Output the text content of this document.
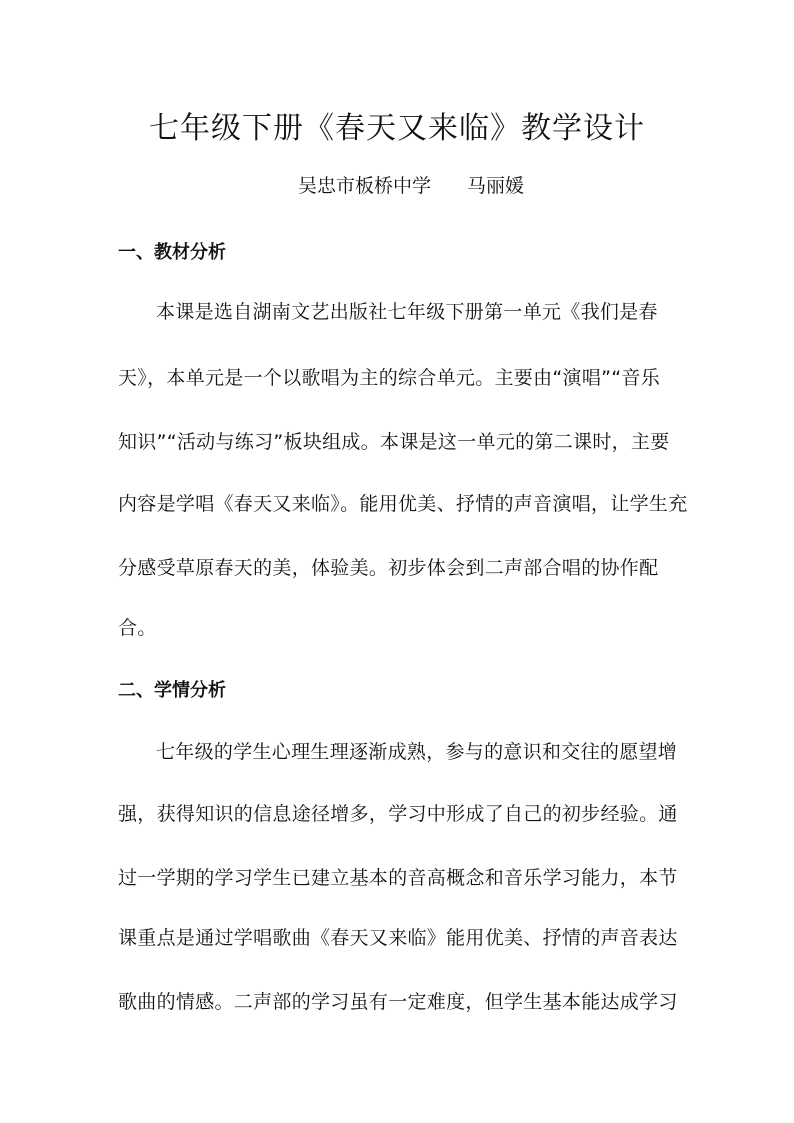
七年级下册《春天又来临》教学设计
吴忠市板桥中学 马丽媛
一、教材分析
本课是选自湖南文艺出版社七年级下册第一单元《我们是春
天》，本单元是一个以歌唱为主的综合单元。主要由“演唱”“音乐
知识”“活动与练习”板块组成。本课是这一单元的第二课时，主要
内容是学唱《春天又来临》。能用优美、抒情的声音演唱，让学生充
分感受草原春天的美，体验美。初步体会到二声部合唱的协作配
合。
二、学情分析
七年级的学生心理生理逐渐成熟，参与的意识和交往的愿望增
强，获得知识的信息途径增多，学习中形成了自己的初步经验。通
过一学期的学习学生已建立基本的音高概念和音乐学习能力，本节
课重点是通过学唱歌曲《春天又来临》能用优美、抒情的声音表达
歌曲的情感。二声部的学习虽有一定难度，但学生基本能达成学习
